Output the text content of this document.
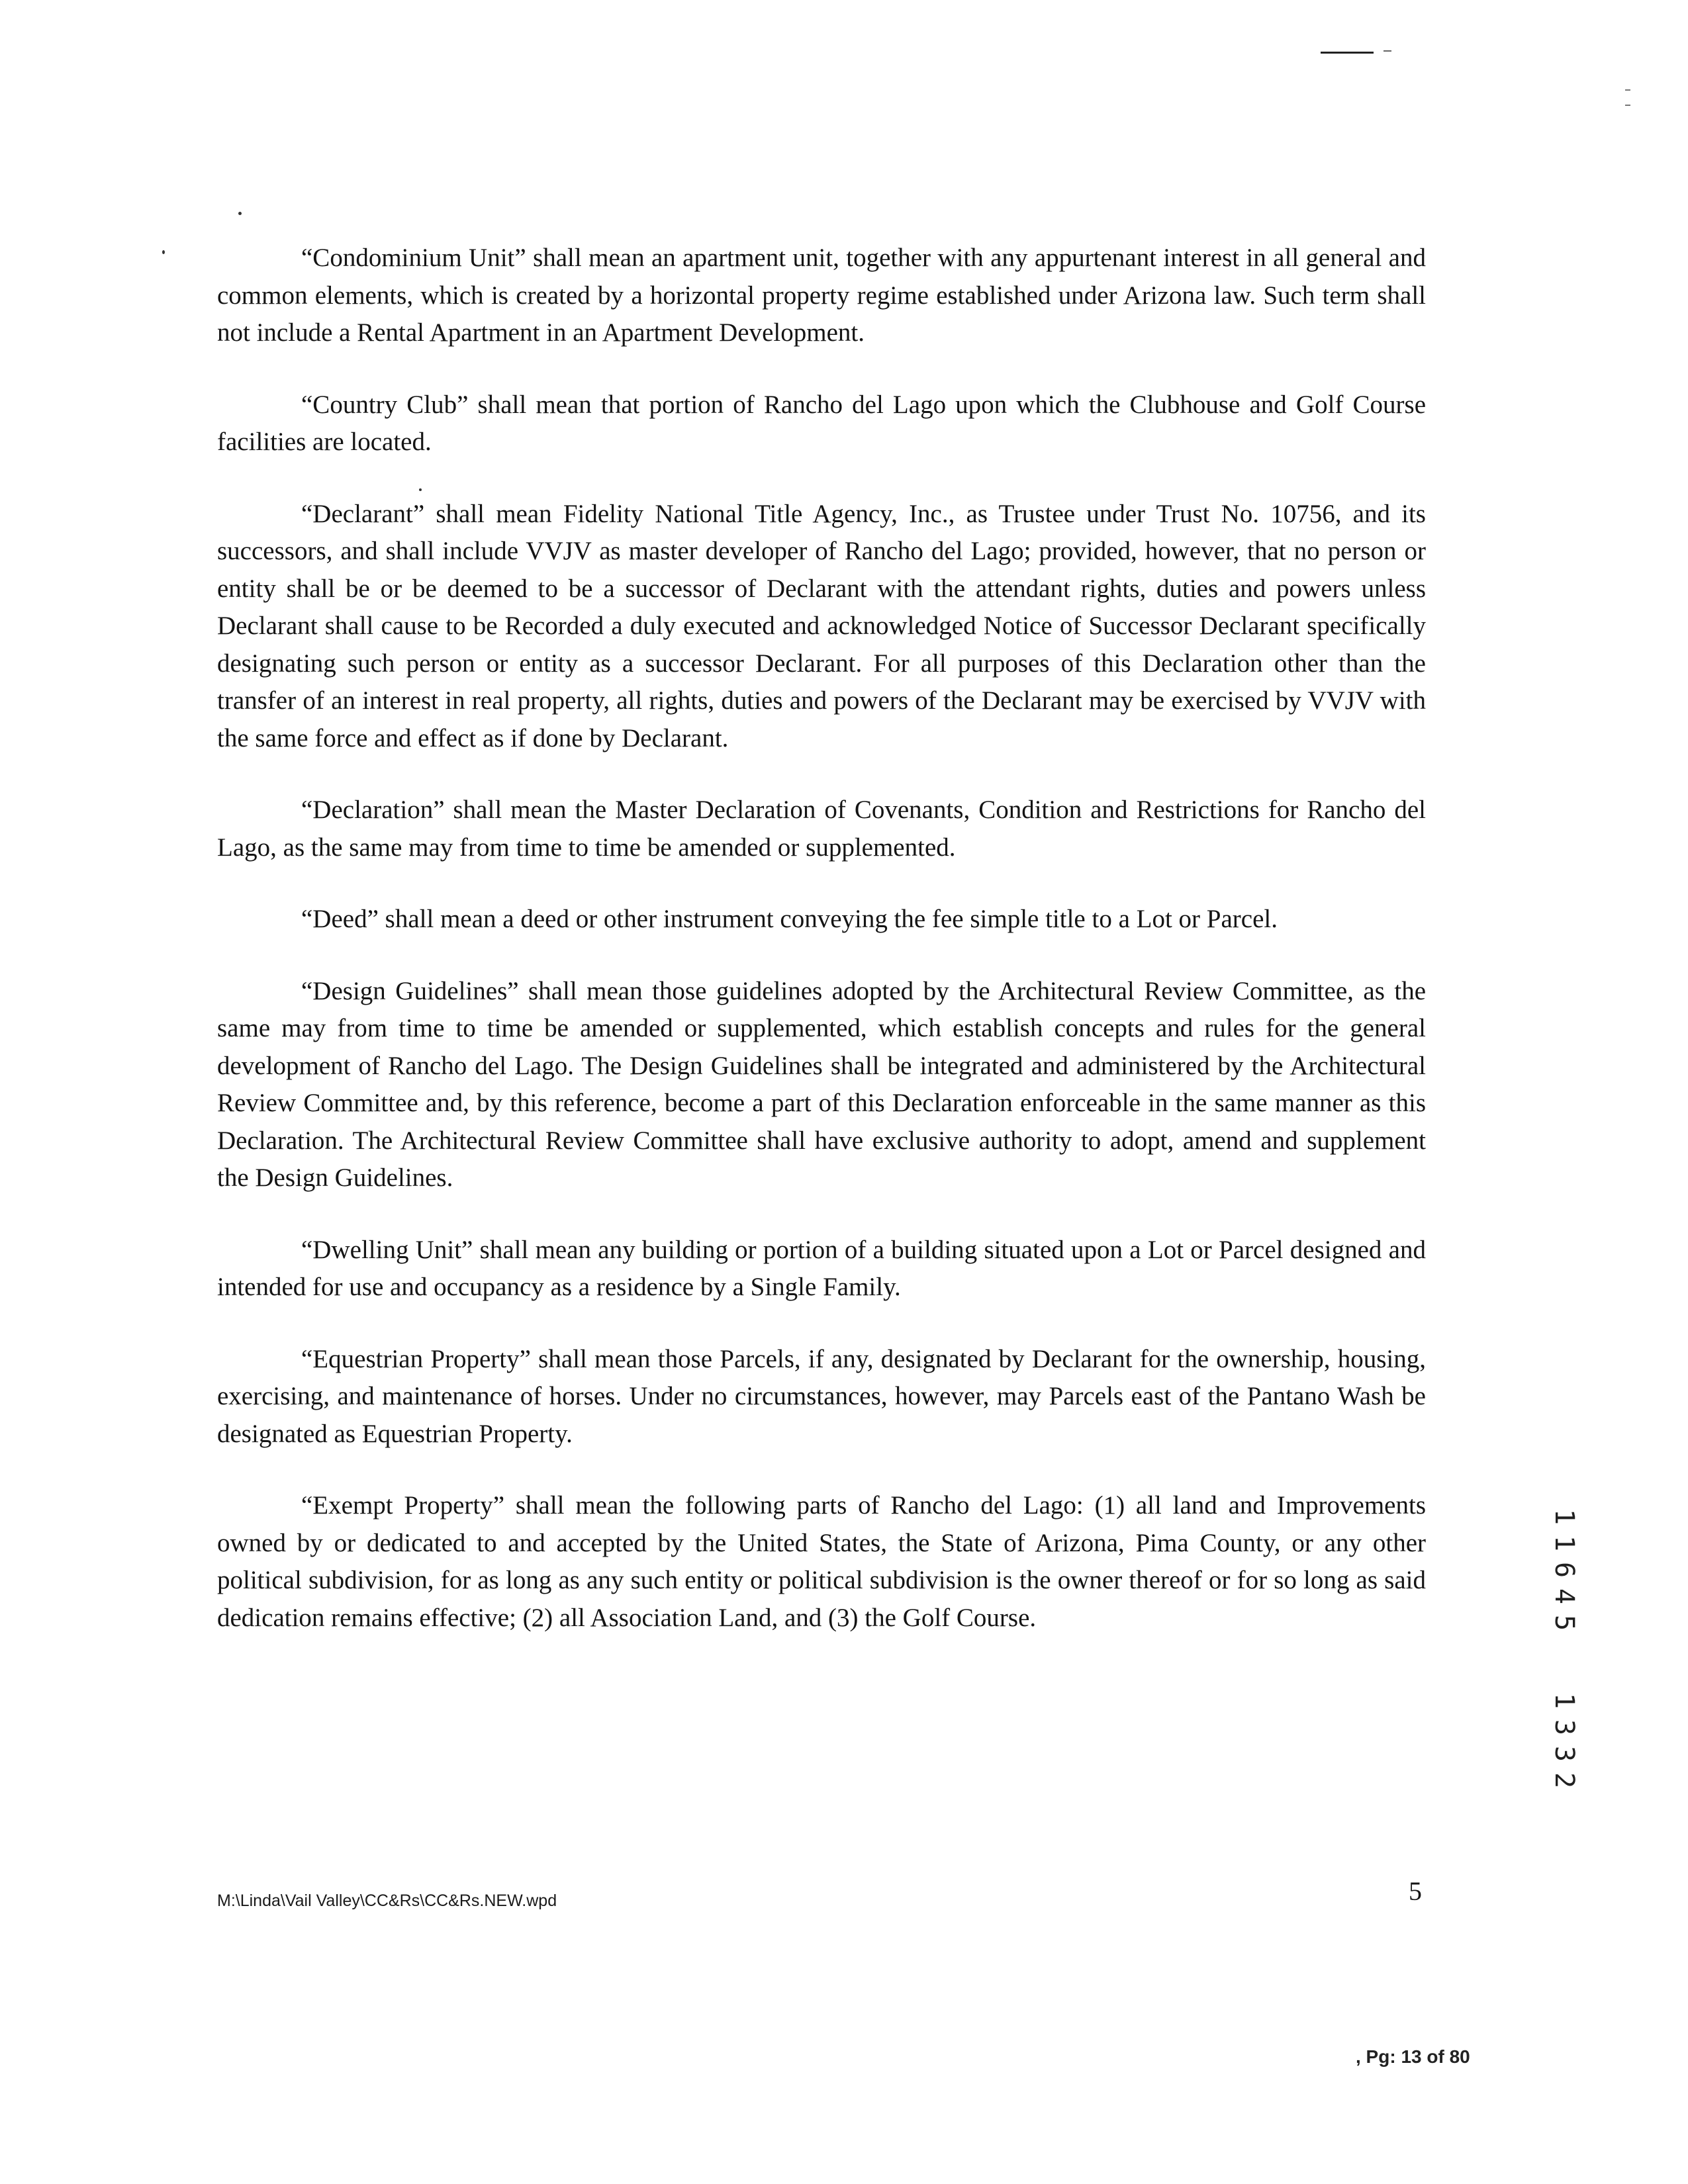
“Condominium Unit” shall mean an apartment unit, together with any appurtenant interest in all general and common elements, which is created by a horizontal property regime established under Arizona law. Such term shall not include a Rental Apartment in an Apartment Development.

“Country Club” shall mean that portion of Rancho del Lago upon which the Clubhouse and Golf Course facilities are located.

“Declarant” shall mean Fidelity National Title Agency, Inc., as Trustee under Trust No. 10756, and its successors, and shall include VVJV as master developer of Rancho del Lago; provided, however, that no person or entity shall be or be deemed to be a successor of Declarant with the attendant rights, duties and powers unless Declarant shall cause to be Recorded a duly executed and acknowledged Notice of Successor Declarant specifically designating such person or entity as a successor Declarant. For all purposes of this Declaration other than the transfer of an interest in real property, all rights, duties and powers of the Declarant may be exercised by VVJV with the same force and effect as if done by Declarant.

“Declaration” shall mean the Master Declaration of Covenants, Condition and Restrictions for Rancho del Lago, as the same may from time to time be amended or supplemented.

“Deed” shall mean a deed or other instrument conveying the fee simple title to a Lot or Parcel.

“Design Guidelines” shall mean those guidelines adopted by the Architectural Review Committee, as the same may from time to time be amended or supplemented, which establish concepts and rules for the general development of Rancho del Lago. The Design Guidelines shall be integrated and administered by the Architectural Review Committee and, by this reference, become a part of this Declaration enforceable in the same manner as this Declaration. The Architectural Review Committee shall have exclusive authority to adopt, amend and supplement the Design Guidelines.

“Dwelling Unit” shall mean any building or portion of a building situated upon a Lot or Parcel designed and intended for use and occupancy as a residence by a Single Family.

“Equestrian Property” shall mean those Parcels, if any, designated by Declarant for the ownership, housing, exercising, and maintenance of horses. Under no circumstances, however, may Parcels east of the Pantano Wash be designated as Equestrian Property.

“Exempt Property” shall mean the following parts of Rancho del Lago: (1) all land and Improvements owned by or dedicated to and accepted by the United States, the State of Arizona, Pima County, or any other political subdivision, for as long as any such entity or political subdivision is the owner thereof or for so long as said dedication remains effective; (2) all Association Land, and (3) the Golf Course.

1
1
6
4
5
1
3
3
2
M:\Linda\Vail Valley\CC&Rs\CC&Rs.NEW.wpd	5
, Pg: 13 of 80
